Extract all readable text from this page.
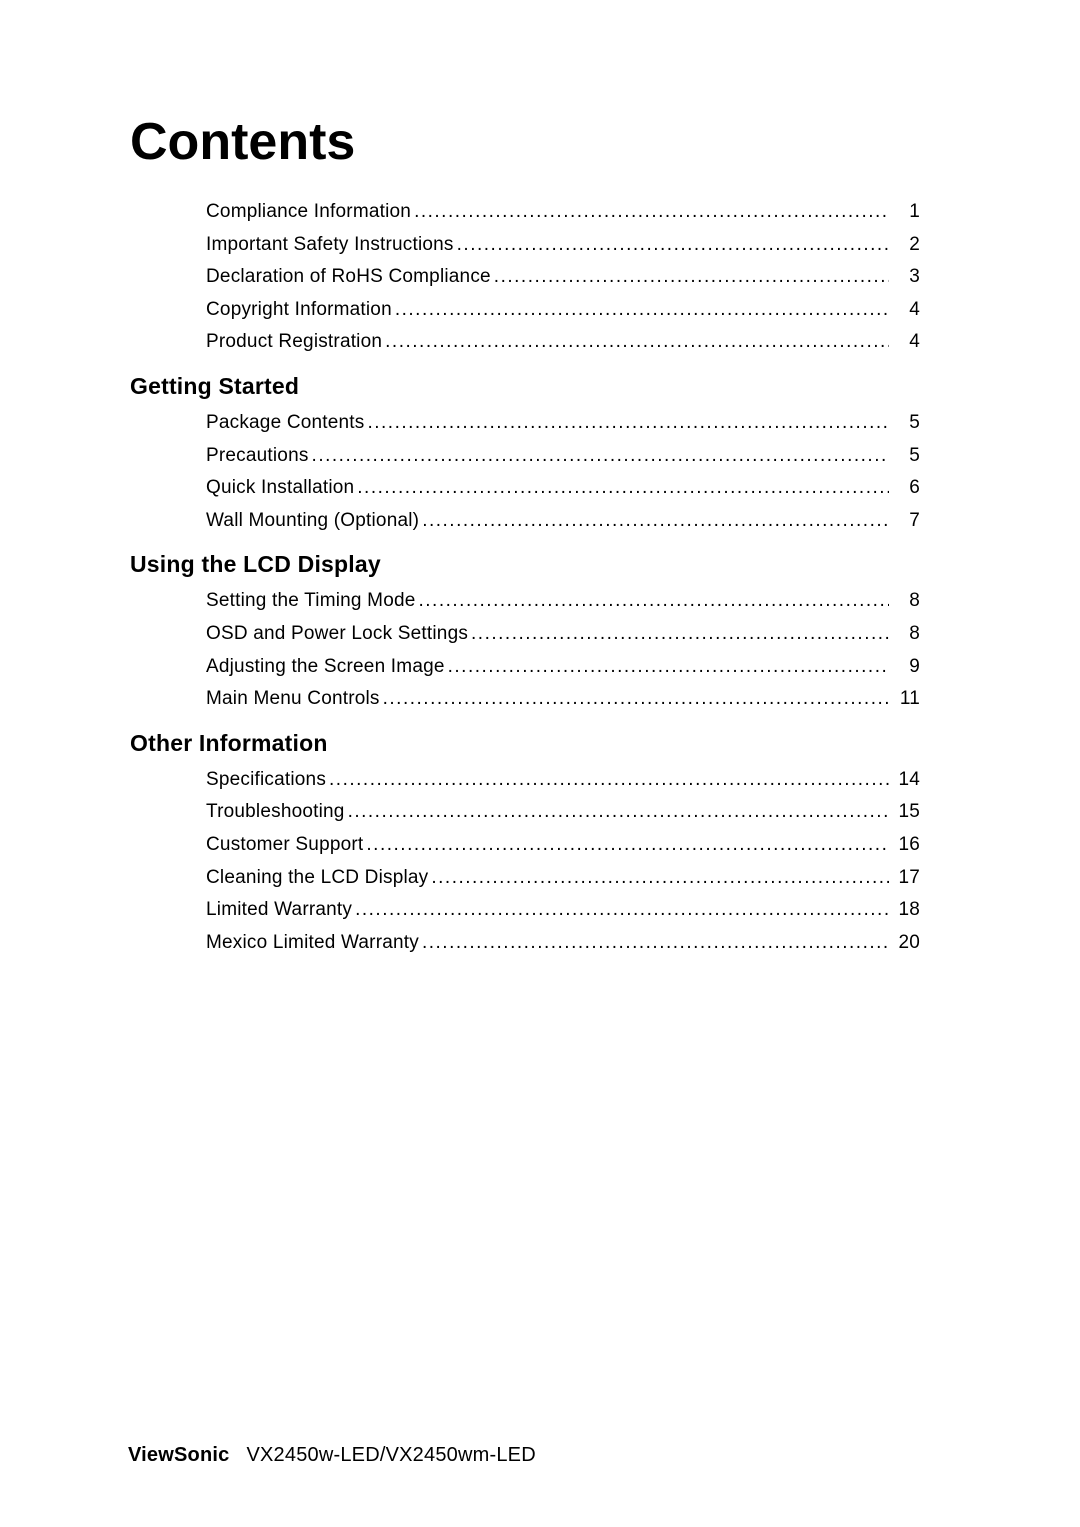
Contents
Compliance Information .....	1
Important Safety Instructions .....	2
Declaration of RoHS Compliance .....	3
Copyright Information .....	4
Product Registration .....	4
Getting Started
Package Contents .....	5
Precautions .....	5
Quick Installation .....	6
Wall Mounting (Optional) .....	7
Using the LCD Display
Setting the Timing Mode .....	8
OSD and Power Lock Settings .....	8
Adjusting the Screen Image .....	9
Main Menu Controls .....	11
Other Information
Specifications .....	14
Troubleshooting .....	15
Customer Support .....	16
Cleaning the LCD Display .....	17
Limited Warranty .....	18
Mexico Limited Warranty .....	20
ViewSonic VX2450w-LED/VX2450wm-LED
